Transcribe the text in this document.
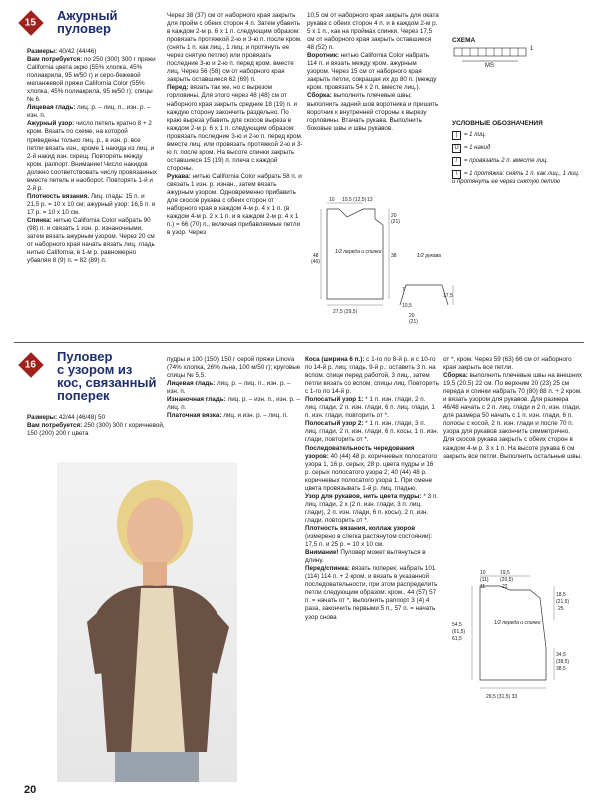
15 Ажурный
пуловер
Размеры: 40/42 (44/46)
Вам потребуется: по 250 (300) 300 г пряжи California цвета экрю (55% хлопка, 45% полиакрила, 95 м/50 г) и серо-бежевой меланжевой пряжи California Color (55% хлопка, 45% полиакрила, 95 м/50 г); спицы № 6.
Лицевая гладь: лиц. р. – лиц. п., изн. р. – изн. п.
Ажурный узор: число петель кратно 8 + 2 кром. Вязать по схеме, на которой приведены только лиц. р., в изн. р. все петли вязать изн., кроме 1 накида из лиц. и 2-й накид изн. скрещ. Повторять между кром. раппорт. Внимание! Число накидов должно соответствовать числу провязанных вместе петель и наоборот. Повторять 1-й и 2-й р.
Плотность вязания. Лиц. гладь: 15 п. и 21,5 р. = 10 х 10 см; ажурный узор: 16,5 п. и 17 р. = 10 х 10 см.
Спинка: нитью California Color набрать 90 (98) п. и связать 1 изн. р. изнаночными, затем вязать ажурным узором. Через 20 см от наборного края начать вязать лиц. гладь нитью California, в 1-м р. равномерно убавляя 8 (9) п. = 82 (89) п.
Через 38 (37) см от наборного края закрыть для пройм с обеих сторон 4 п. Затем убавить в каждом 2-м р. 6 х 1 п. следующим образом: провязать протяжкой 2-ю и 3-ю п. после кром. (снять 1 п. как лиц., 1 лиц. и протянуть ее через снятую петлю) или провязать последние 3-ю и 2-ю п. перед кром. вместе лиц. Через 56 (58) см от наборного края закрыть оставшиеся 62 (69) п.
Перед: вязать так же, но с вырезом горловины. Для этого через 48 (48) см от наборного края закрыть средние 18 (19) п. и каждую сторону закончить раздельно. По краю выреза убавить для скосов выреза в каждом 2-м р. 6 х 1 п. следующим образом: провязать последние 3-ю и 2-ю п. перед кром. вместе лиц. или провязать протяжкой 2-ю и 3-ю п. после кром. На высоте спинки закрыть оставшиеся 15 (19) п. плеча с каждой стороны.
Рукава: нитью California Color набрать 58 п. и связать 1 изн. р. изнан., затем вязать ажурным узором. Одновременно прибавить для скосов рукава с обеих сторон от наборного края в каждом 4-м р. 4 х 1 п. (в каждом 4-м р. 2 х 1 п. и в каждом 2-м р. 4 х 1 п.) = 66 (70) п., включая прибавляемые петли в узор. Через
10,5 см от наборного края закрыть для оката рукава с обеих сторон 4 п. и в каждом 2-м р. 5 х 1 п., как на проймах спинки. Через 17,5 см от наборного края закрыть оставшиеся 48 (52) п.
Воротник: нитью California Color набрать 114 п. и вязать между кром. ажурным узором. Через 15 см от наборного края закрыть петли, сокращая их до 80 п. (между кром. провязать 54 х 2 п. вместе лиц.).
Сборка: выполнить плечевые швы; выполнить задний шов воротника и пришить воротник к внутренней стороны к вырезу горловины. Втачать рукава. Выполнить боковые швы и швы рукавов.
СХЕМА
1
MS
УСЛОВНЫЕ ОБОЗНАЧЕНИЯ
| = 1 лиц.
U = 1 накид
/ = провязать 2 п. вместе лиц.
\ = 1 протяжка: снять 1 п. как лиц., 1 лиц. и протянуть ее через снятую петлю
10 10,5 (12,5) 13
20
(21)
38
48
(46)
27,5 (29,5)
7
10,5
17,5
20
(21)
1/2 переда и спинки
1/2 рукава
16
Пуловер
с узором из
кос, связанный
поперек
Размеры: 42/44 (46/48) 50
Вам потребуется: 250 (300) 300 г коричневой, 150 (200) 200 г цвета
пудры и 100 (150) 150 г серой пряжи Linova (74% хлопка, 26% льна, 100 м/50 г); круговые спицы № 5,5.
Лицевая гладь: лиц. р. – лиц. п., изн. р. – изн. п.
Изнаночная гладь: лиц. р. – изн. п., изн. р. – лиц. п.
Платочная вязка: лиц. и изн. р. – лиц. п.
Коса (ширина 6 п.): с 1-го по 8-й р. и с 10-го по 14-й р. лиц. гладь, 9-й р.: оставить 3 п. на вспом. спице перед работой, 3 лиц., затем петли вязать со вспом. спицы лиц. Повторить с 1-го по 14-й р.
Полосатый узор 1: * 1 п. изн. глади, 2 п. лиц. глади, 2 п. изн. глади, 6 п. лиц. глади, 1 п. изн. глади, повторить от *.
Полосатый узор 2: * 1 п. изн. глади, 3 п. лиц. глади, 2 п. изн. глади, 6 п. косы, 1 п. изн. глади, повторить от *.
Последовательность чередования узоров: 40 (44) 48 р. коричневых полосатого узора 1, 16 р. серых, 28 р. цвета пудры и 16 р. серых полосатого узора 2; 40 (44) 48 р. коричневых полосатого узора 1. При смене цвета провязывать 1-й р. лиц. гладью.
Узор для рукавов, нить цвета пудры: * 3 п. лиц. глади, 2 х (2 п. изн. глади, 3 п. лиц. глади), 2 п. изн. глади, 6 п. косы), 2 п. изн. глади, повторить от *.
Плотность вязания, коллаж узоров (измерено в слегка растянутом состоянии): 17,5 п. и 25 р. = 10 х 10 см.
Внимание! Пуловер может вытянуться в длину.
Перед/спинка: вязать поперек; набрать 101 (114) 114 п. + 2 кром. и вязать в указанной последовательности, при этом распределить петли следующим образом: кром., 44 (57) 57 п. = начать от *, выполнить раппорт 3 (4) 4 раза, закончить первыми 5 п., 57 п. = начать узор снова
от *, кром. Через 59 (63) 66 см от наборного края закрыть все петли.
Сборка: выполнить плечевые швы на внешних 19,5 (20,5) 22 см. По верхним 20 (23) 25 см переда и спинки набрать 70 (80) 88 п. + 2 кром. и вязать узором для рукавов. Для размера 46/48 начать с 2 п. лиц. глади и 2 п. изн. глади, для размера 50 начать с 1 п. изн. глади, 6 п. полосы с косой, 2 п. изн. глади и после 70 п. узора для рукавов закончить симметрично. Для скосов рукава закрыть с обеих сторон в каждом 4-м р. 3 х 1 п. На высоте рукава 6 см закрыть все петли. Выполнить остальные швы.
10
(11)
11
19,5
(20,5)
22
18,5
(21,5)
25
54,5
(61,5)
61,5
34,5
(38,5)
38,5
29,5 (31,5) 33
1/2 переда и спинки
20
